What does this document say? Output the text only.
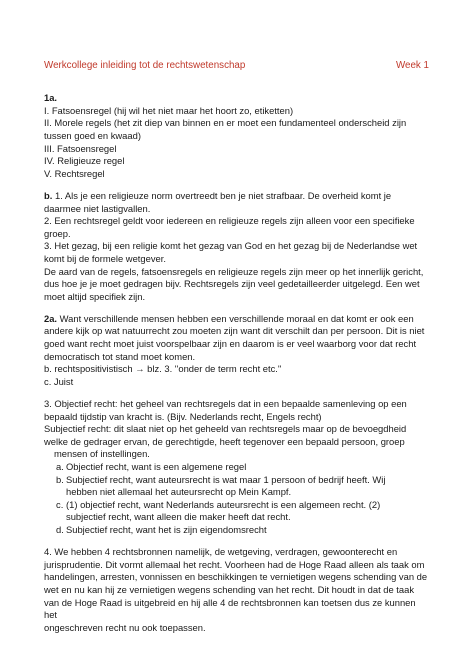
Werkcollege inleiding tot de rechtswetenschap	Week 1

1a.

I. Fatsoensregel (hij wil het niet maar het hoort zo, etiketten)

II. Morele regels (het zit diep van binnen en er moet een fundamenteel onderscheid zijn

tussen goed en kwaad)

III. Fatsoensregel

IV. Religieuze regel

V. Rechtsregel

b. 1. Als je een religieuze norm overtreedt ben je niet strafbaar. De overheid komt je

daarmee niet lastigvallen.

2. Een rechtsregel geldt voor iedereen en religieuze regels zijn alleen voor een specifieke

groep.

3. Het gezag, bij een religie komt het gezag van God en het gezag bij de Nederlandse wet

komt bij de formele wetgever.

De aard van de regels, fatsoensregels en religieuze regels zijn meer op het innerlijk gericht,

dus hoe je je moet gedragen bijv. Rechtsregels zijn veel gedetailleerder uitgelegd. Een wet

moet altijd specifiek zijn.

2a. Want verschillende mensen hebben een verschillende moraal en dat komt er ook een

andere kijk op wat natuurrecht zou moeten zijn want dit verschilt dan per persoon. Dit is niet

goed want recht moet juist voorspelbaar zijn en daarom is er veel waarborg voor dat recht

democratisch tot stand moet komen.

b. rechtspositivistisch → blz. 3. ''onder de term recht etc.''

c. Juist

3. Objectief recht: het geheel van rechtsregels dat in een bepaalde samenleving op een

bepaald tijdstip van kracht is. (Bijv. Nederlands recht, Engels recht)

Subjectief recht: dit slaat niet op het geheeld van rechtsregels maar op de bevoegdheid

welke de gedrager ervan, de gerechtigde, heeft tegenover een bepaald persoon, groep

mensen of instellingen.

a. Objectief recht, want is een algemene regel
b. Subjectief recht, want auteursrecht is wat maar 1 persoon of bedrijf heeft. Wij
hebben niet allemaal het auteursrecht op Mein Kampf.
c. (1) objectief recht, want Nederlands auteursrecht is een algemeen recht. (2)
subjectief recht, want alleen die maker heeft dat recht.
d. Subjectief recht, want het is zijn eigendomsrecht

4. We hebben 4 rechtsbronnen namelijk, de wetgeving, verdragen, gewoonterecht en

jurisprudentie. Dit vormt allemaal het recht. Voorheen had de Hoge Raad alleen als taak om

handelingen, arresten, vonnissen en beschikkingen te vernietigen wegens schending van de

wet en nu kan hij ze vernietigen wegens schending van het recht. Dit houdt in dat de taak

van de Hoge Raad is uitgebreid en hij alle 4 de rechtsbronnen kan toetsen dus ze kunnen het

ongeschreven recht nu ook toepassen.
